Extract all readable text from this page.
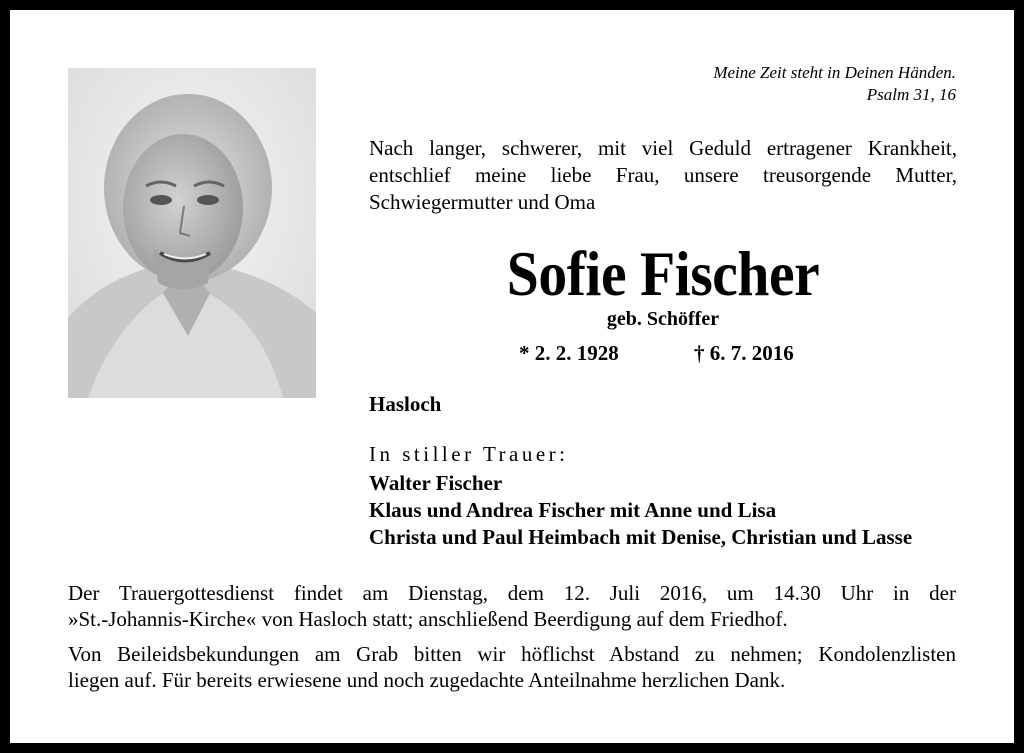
Meine Zeit steht in Deinen Händen.
Psalm 31, 16
Nach langer, schwerer, mit viel Geduld ertragener Krankheit,
entschlief meine liebe Frau, unsere treusorgende Mutter,
Schwiegermutter und Oma
Sofie Fischer
geb. Schöffer
* 2. 2. 1928	† 6. 7. 2016
Hasloch
In stiller Trauer:
Walter Fischer
Klaus und Andrea Fischer mit Anne und Lisa
Christa und Paul Heimbach mit Denise, Christian und Lasse
Der Trauergottesdienst findet am Dienstag, dem 12. Juli 2016, um 14.30 Uhr in der
»St.-Johannis-Kirche« von Hasloch statt; anschließend Beerdigung auf dem Friedhof.
Von Beileidsbekundungen am Grab bitten wir höflichst Abstand zu nehmen; Kondolenzlisten
liegen auf. Für bereits erwiesene und noch zugedachte Anteilnahme herzlichen Dank.
